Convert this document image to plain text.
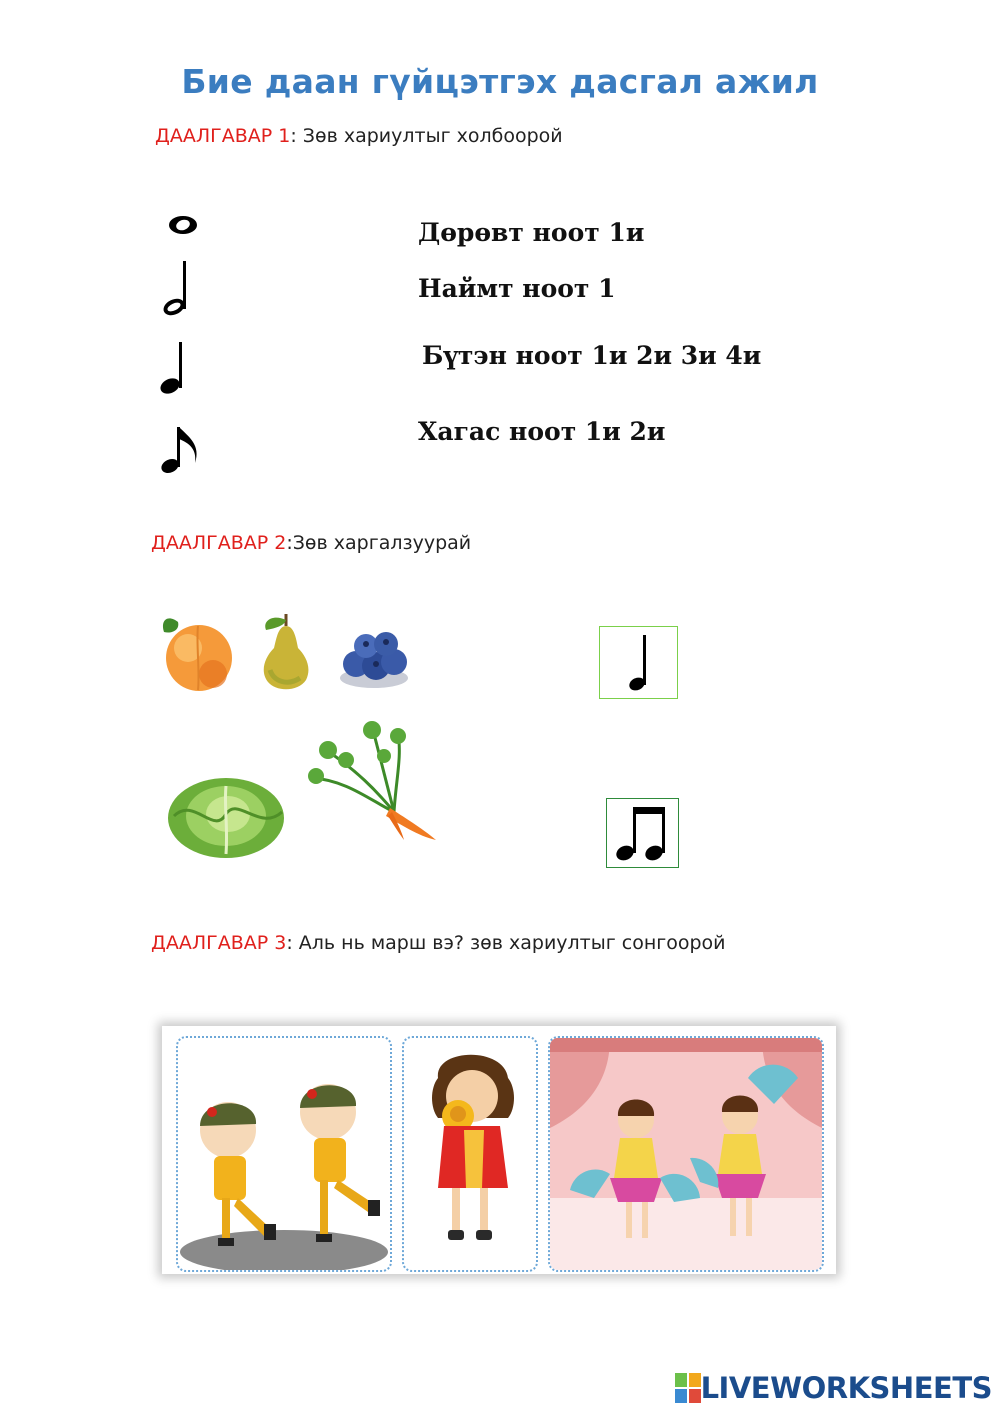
Бие даан гүйцэтгэх дасгал ажил
ДААЛГАВАР 1: Зөв хариултыг холбоорой
Дөрөвт ноот 1и
Наймт ноот 1
Бүтэн ноот 1и 2и 3и 4и
Хагас ноот 1и 2и
ДААЛГАВАР 2:Зөв харгалзуурай
ДААЛГАВАР 3: Аль нь марш вэ? зөв хариултыг сонгоорой
LIVEWORKSHEETS
